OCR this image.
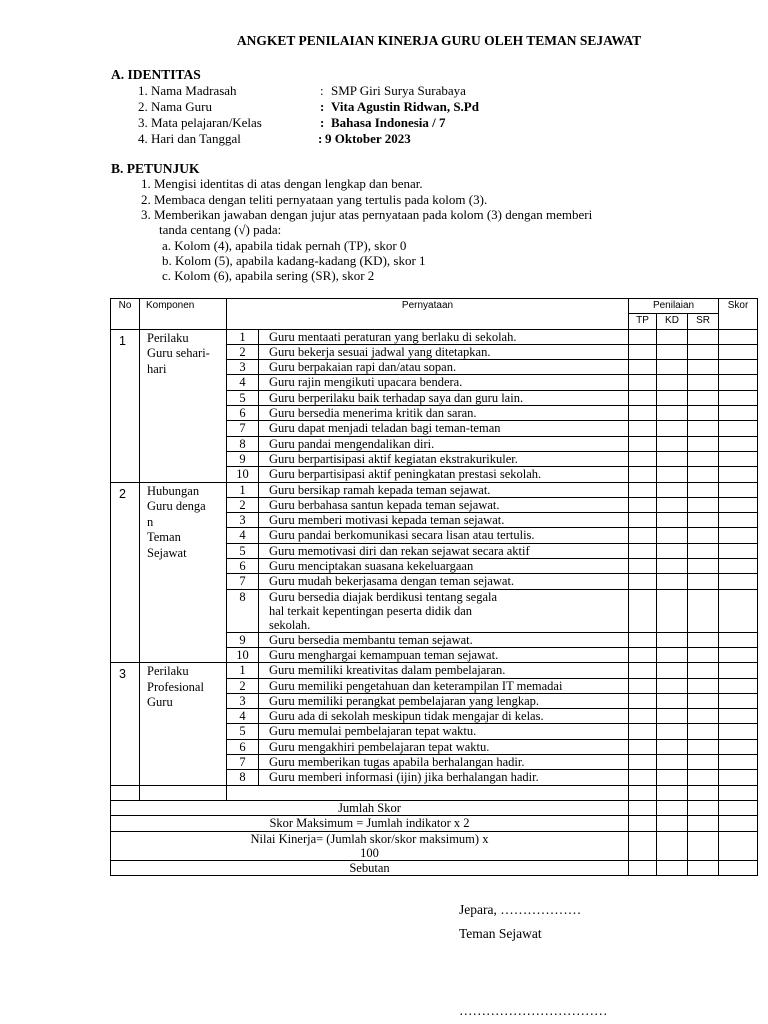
ANGKET PENILAIAN KINERJA GURU OLEH TEMAN SEJAWAT
A. IDENTITAS
1. Nama Madrasah	: SMP Giri Surya Surabaya
2. Nama Guru	: Vita Agustin Ridwan, S.Pd
3. Mata pelajaran/Kelas	: Bahasa Indonesia / 7
4. Hari dan Tanggal	: 9 Oktober 2023
B. PETUNJUK
1. Mengisi identitas di atas dengan lengkap dan benar.
2. Membaca dengan teliti pernyataan yang tertulis pada kolom (3).
3. Memberikan jawaban dengan jujur atas pernyataan pada kolom (3) dengan memberi
tanda centang (√) pada:
a. Kolom (4), apabila tidak pernah (TP), skor 0
b. Kolom (5), apabila kadang-kadang (KD), skor 1
c. Kolom (6), apabila sering (SR), skor 2
No	Komponen	Pernyataan		Penilaian			Skor
				TP	KD	SR	
1	Perilaku
Guru sehari-
hari	1	Guru mentaati peraturan yang berlaku di sekolah.				
		2	Guru bekerja sesuai jadwal yang ditetapkan.				
		3	Guru berpakaian rapi dan/atau sopan.				
		4	Guru rajin mengikuti upacara bendera.				
		5	Guru berperilaku baik terhadap saya dan guru lain.				
		6	Guru bersedia menerima kritik dan saran.				
		7	Guru dapat menjadi teladan bagi teman-teman				
		8	Guru pandai mengendalikan diri.				
		9	Guru berpartisipasi aktif kegiatan ekstrakurikuler.				
		10	Guru berpartisipasi aktif peningkatan prestasi sekolah.				
2	Hubungan
Guru denga
n
Teman
Sejawat	1	Guru bersikap ramah kepada teman sejawat.				
		2	Guru berbahasa santun kepada teman sejawat.				
		3	Guru memberi motivasi kepada teman sejawat.				
		4	Guru pandai berkomunikasi secara lisan atau tertulis.				
		5	Guru memotivasi diri dan rekan sejawat secara aktif				
		6	Guru menciptakan suasana kekeluargaan				
		7	Guru mudah bekerjasama dengan teman sejawat.				
		8	Guru bersedia diajak berdikusi tentang segala
hal terkait kepentingan peserta didik dan
sekolah.				
		9	Guru bersedia membantu teman sejawat.				
		10	Guru menghargai kemampuan teman sejawat.				
3	Perilaku
Profesional
Guru	1	Guru memiliki kreativitas dalam pembelajaran.				
		2	Guru memiliki pengetahuan dan keterampilan IT memadai				
		3	Guru memiliki perangkat pembelajaran yang lengkap.				
		4	Guru ada di sekolah meskipun tidak mengajar di kelas.				
		5	Guru memulai pembelajaran tepat waktu.				
		6	Guru mengakhiri pembelajaran tepat waktu.				
		7	Guru memberikan tugas apabila berhalangan hadir.				
		8	Guru memberi informasi (ijin) jika berhalangan hadir.				

Jumlah Skor							
Skor Maksimum = Jumlah indikator x 2							
Nilai Kinerja= (Jumlah skor/skor maksimum) x
100							
Sebutan							
Jepara, ………………
Teman Sejawat
……………………………
